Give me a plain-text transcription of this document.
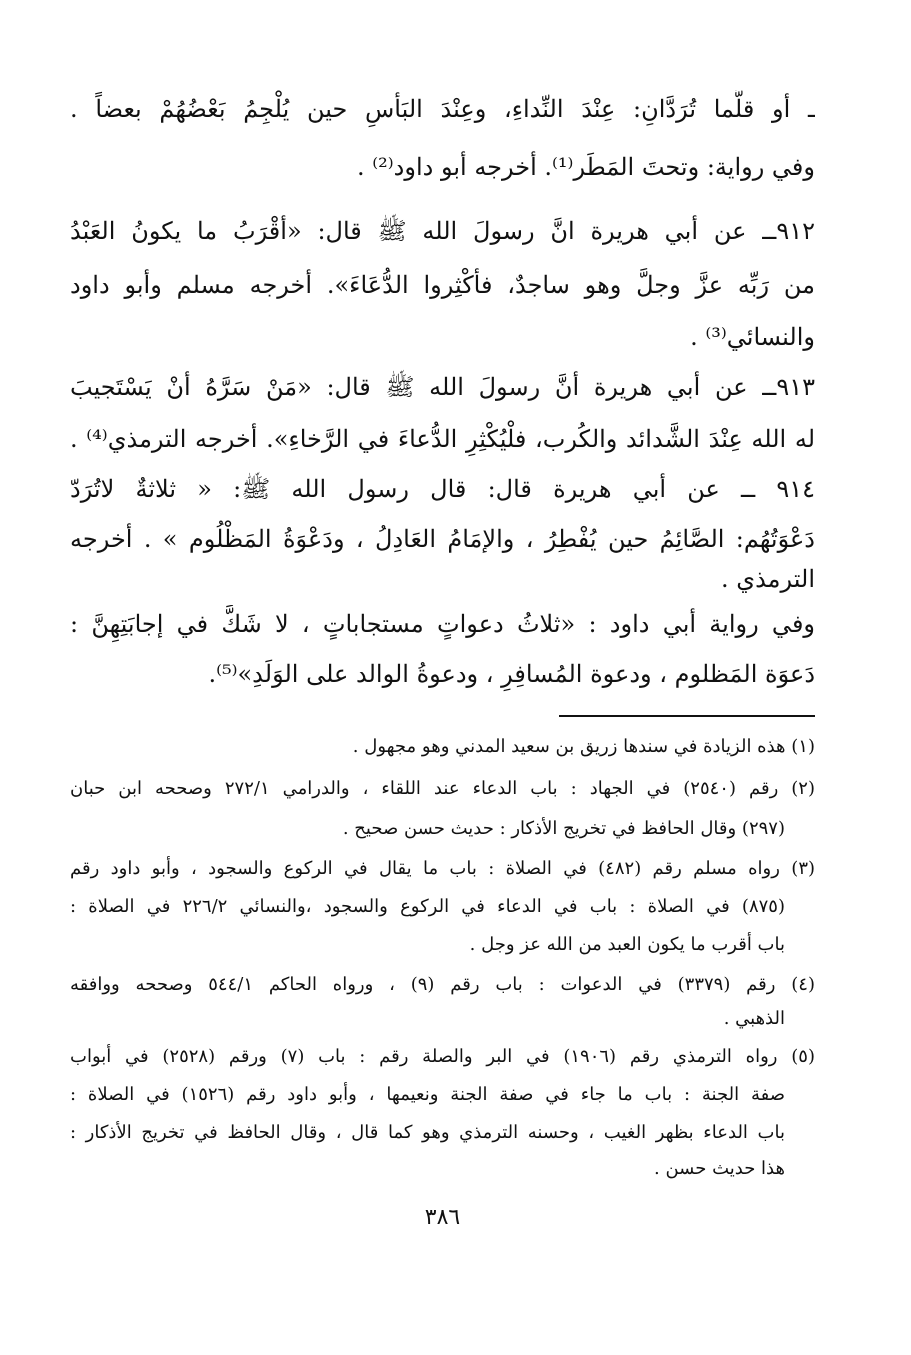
ـ أو قلَّما تُرَدَّانِ: عِنْدَ النِّداءِ، وعِنْدَ البَأسِ حين يُلْجِمُ بَعْضُهُمْ بعضاً .
وفي رواية: وتحتَ المَطَر⁽¹⁾. أخرجه أبو داود⁽²⁾ .
٩١٢ــ عن أبي هريرة انَّ رسولَ الله ﷺ قال: «أقْرَبُ ما يكونُ العَبْدُ
من رَبِّه عزَّ وجلَّ وهو ساجدٌ، فأكْثِروا الدُّعَاءَ». أخرجه مسلم وأبو داود
والنسائي⁽³⁾ .
٩١٣ــ عن أبي هريرة أنَّ رسولَ الله ﷺ قال: «مَنْ سَرَّهُ أنْ يَسْتَجيبَ
له الله عِنْدَ الشَّدائد والكُرب، فلْيُكْثِرِ الدُّعاءَ في الرَّخاءِ». أخرجه الترمذي⁽⁴⁾ .
٩١٤ ــ عن أبي هريرة قال: قال رسول الله ﷺ: « ثلاثةٌ لاتُرَدّ
دَعْوَتُهُم: الصَّائِمُ حين يُفْطِرُ ، والإمَامُ العَادِلُ ، ودَعْوَةُ المَظْلُوم » . أخرجه
الترمذي .
وفي رواية أبي داود : «ثلاثُ دعواتٍ مستجاباتٍ ، لا شَكَّ في إجابَتِهِنَّ :
دَعوَة المَظلوم ، ودعوة المُسافِرِ ، ودعوةُ الوالد على الوَلَدِ»⁽⁵⁾.
(١) هذه الزيادة في سندها زريق بن سعيد المدني وهو مجهول .
(٢) رقم (٢٥٤٠) في الجهاد : باب الدعاء عند اللقاء ، والدرامي ٢٧٢/١ وصححه ابن حبان
(٢٩٧) وقال الحافظ في تخريج الأذكار : حديث حسن صحيح .
(٣) رواه مسلم رقم (٤٨٢) في الصلاة : باب ما يقال في الركوع والسجود ، وأبو داود رقم
(٨٧٥) في الصلاة : باب في الدعاء في الركوع والسجود ،والنسائي ٢٢٦/٢ في الصلاة :
باب أقرب ما يكون العبد من الله عز وجل .
(٤) رقم (٣٣٧٩) في الدعوات : باب رقم (٩) ، ورواه الحاكم ٥٤٤/١ وصححه ووافقه
الذهبي .
(٥) رواه الترمذي رقم (١٩٠٦) في البر والصلة رقم : باب (٧) ورقم (٢٥٢٨) في أبواب
صفة الجنة : باب ما جاء في صفة الجنة ونعيمها ، وأبو داود رقم (١٥٢٦) في الصلاة :
باب الدعاء بظهر الغيب ، وحسنه الترمذي وهو كما قال ، وقال الحافظ في تخريج الأذكار :
هذا حديث حسن .
٣٨٦
